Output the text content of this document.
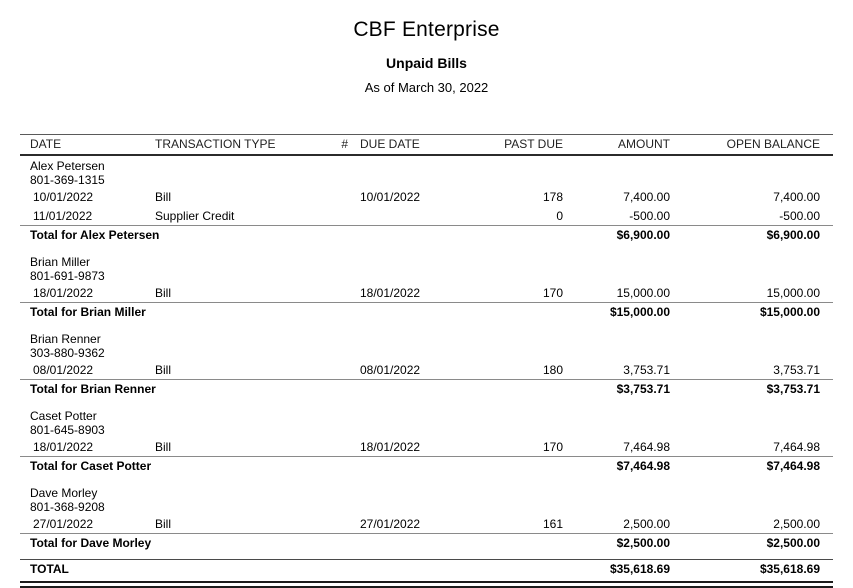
CBF Enterprise
Unpaid Bills
As of March 30, 2022
DATE	TRANSACTION TYPE	#	DUE DATE	PAST DUE	AMOUNT	OPEN BALANCE
Alex Petersen						
801-369-1315						
10/01/2022	Bill		10/01/2022	178	7,400.00	7,400.00
11/01/2022	Supplier Credit			0	-500.00	-500.00
Total for Alex Petersen					$6,900.00	$6,900.00

Brian Miller						
801-691-9873						
18/01/2022	Bill		18/01/2022	170	15,000.00	15,000.00
Total for Brian Miller					$15,000.00	$15,000.00

Brian Renner						
303-880-9362						
08/01/2022	Bill		08/01/2022	180	3,753.71	3,753.71
Total for Brian Renner					$3,753.71	$3,753.71

Caset Potter						
801-645-8903						
18/01/2022	Bill		18/01/2022	170	7,464.98	7,464.98
Total for Caset Potter					$7,464.98	$7,464.98

Dave Morley						
801-368-9208						
27/01/2022	Bill		27/01/2022	161	2,500.00	2,500.00
Total for Dave Morley					$2,500.00	$2,500.00

TOTAL					$35,618.69	$35,618.69
